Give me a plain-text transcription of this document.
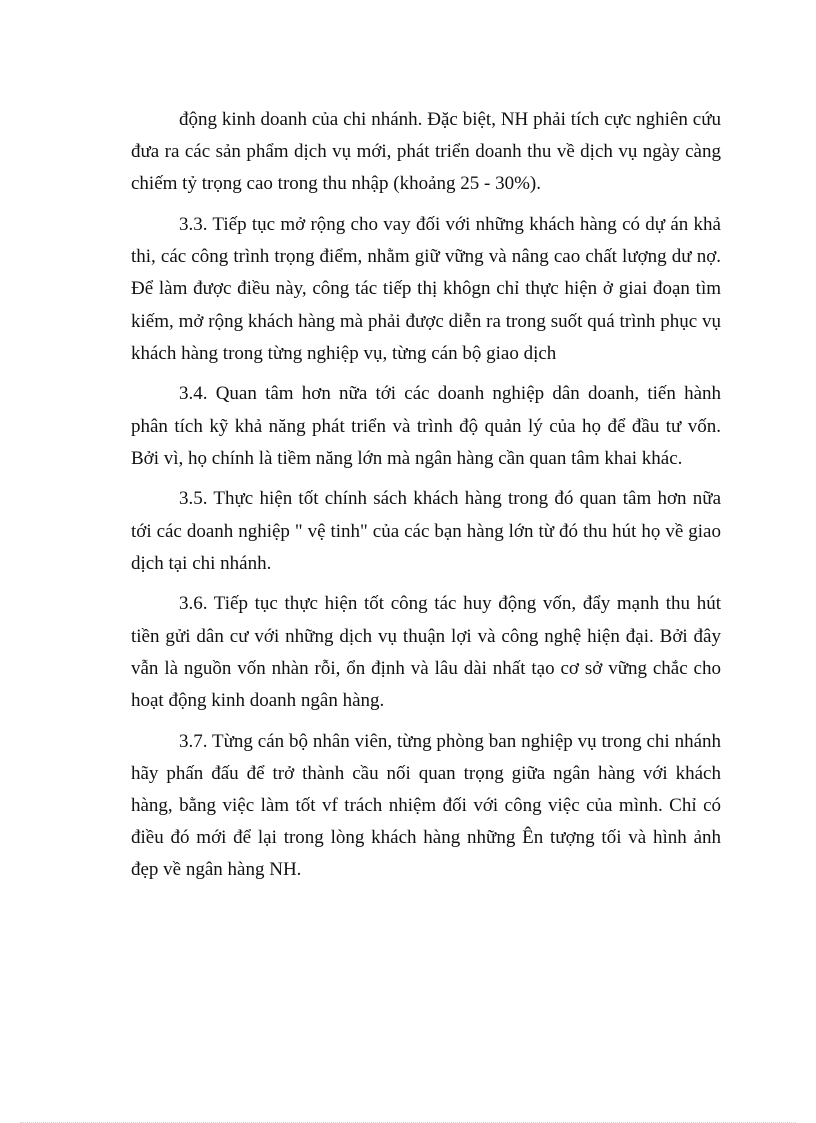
động kinh doanh của chi nhánh. Đặc biệt, NH phải tích cực nghiên cứu đưa ra các sản phẩm dịch vụ mới, phát triển doanh thu về dịch vụ ngày càng chiếm tỷ trọng cao trong thu nhập (khoảng 25 - 30%).

3.3. Tiếp tục mở rộng cho vay đối với những khách hàng có dự án khả thi, các công trình trọng điểm, nhằm giữ vững và nâng cao chất lượng dư nợ. Để làm được điều này, công tác tiếp thị khôgn chỉ thực hiện ở giai đoạn tìm kiếm, mở rộng khách hàng mà phải được diễn ra trong suốt quá trình phục vụ khách hàng trong từng nghiệp vụ, từng cán bộ giao dịch

3.4. Quan tâm hơn nữa tới các doanh nghiệp dân doanh, tiến hành phân tích kỹ khả năng phát triển và trình độ quản lý của họ để đầu tư vốn. Bởi vì, họ chính là tiềm năng lớn mà ngân hàng cần quan tâm khai khác.

3.5. Thực hiện tốt chính sách khách hàng trong đó quan tâm hơn nữa tới các doanh nghiệp " vệ tinh" của các bạn hàng lớn từ đó thu hút họ về giao dịch tại chi nhánh.

3.6. Tiếp tục thực hiện tốt công tác huy động vốn, đẩy mạnh thu hút tiền gửi dân cư với những dịch vụ thuận lợi và công nghệ hiện đại. Bởi đây vẫn là nguồn vốn nhàn rỗi, ổn định và lâu dài nhất tạo cơ sở vững chắc cho hoạt động kinh doanh ngân hàng.

3.7. Từng cán bộ nhân viên, từng phòng ban nghiệp vụ trong chi nhánh hãy phấn đấu để trở thành cầu nối quan trọng giữa ngân hàng với khách hàng, bằng việc làm tốt vf trách nhiệm đối với công việc của mình. Chỉ có điều đó mới để lại trong lòng khách hàng những Ên tượng tối và hình ảnh đẹp về ngân hàng NH.
